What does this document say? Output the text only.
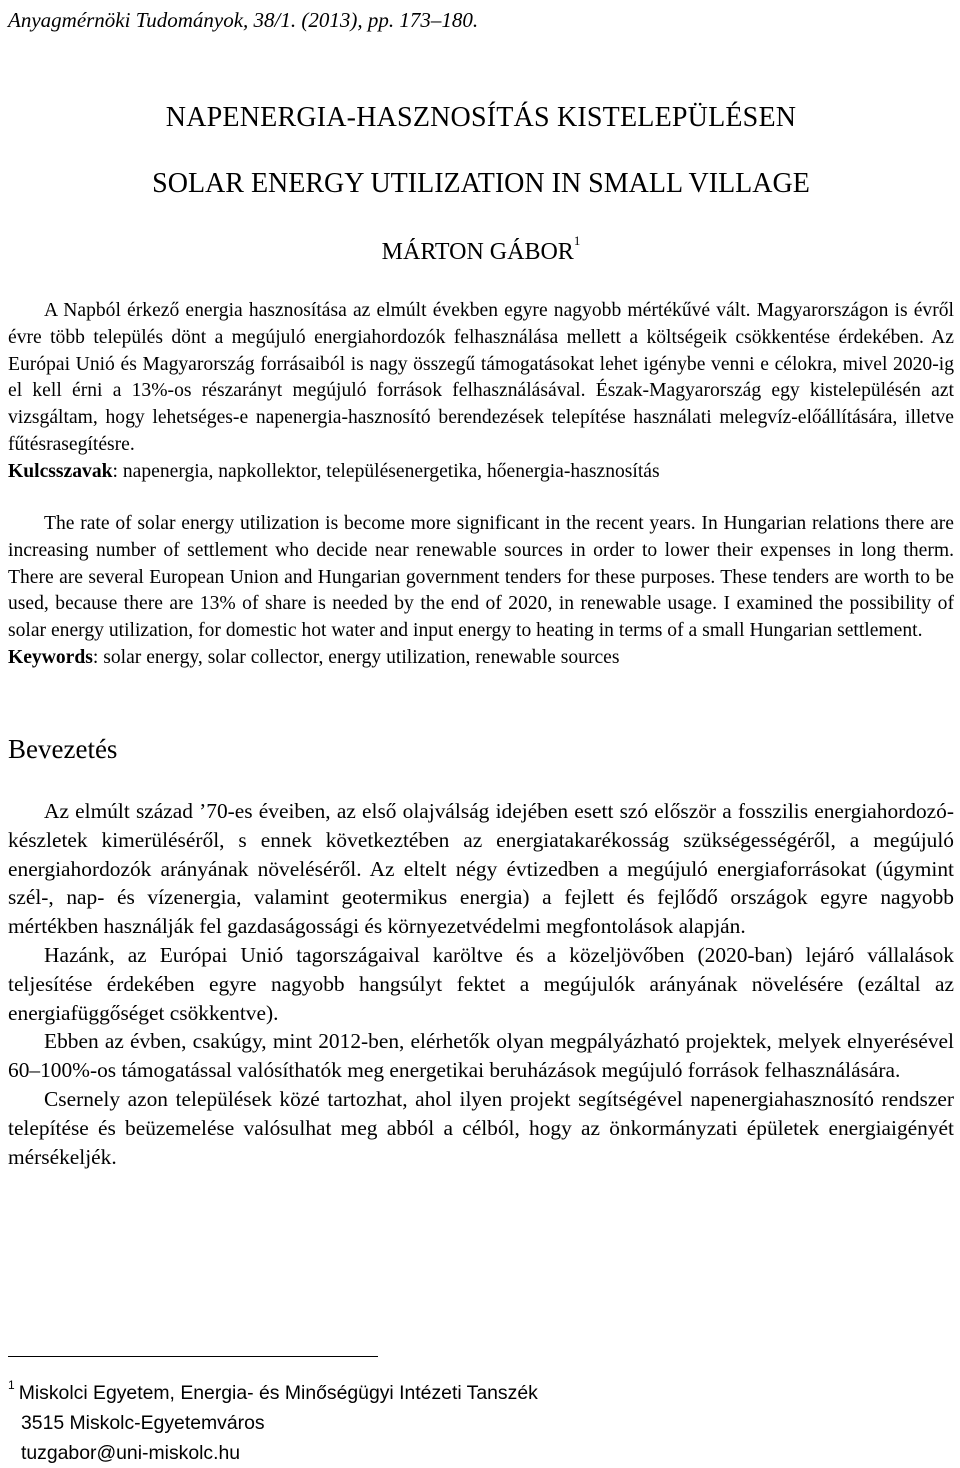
Anyagmérnöki Tudományok, 38/1. (2013), pp. 173–180.
NAPENERGIA-HASZNOSÍTÁS KISTELEPÜLÉSEN
SOLAR ENERGY UTILIZATION IN SMALL VILLAGE
MÁRTON GÁBOR$^1$

A Napból érkező energia hasznosítása az elmúlt években egyre nagyobb mértékűvé vált. Magyarországon is évről évre több település dönt a megújuló energiahordozók felhasználása mellett a költségeik csökkentése érdekében. Az Európai Unió és Magyarország forrásaiból is nagy összegű támogatásokat lehet igénybe venni e célokra, mivel 2020-ig el kell érni a 13%-os részarányt megújuló források felhasználásával. Észak-Magyarország egy kistelepülésén azt vizsgáltam, hogy lehetséges-e napenergia-hasznosító berendezések telepítése használati melegvíz-előállítására, illetve fűtésrasegítésre.

Kulcsszavak: napenergia, napkollektor, településenergetika, hőenergia-hasznosítás

The rate of solar energy utilization is become more significant in the recent years. In Hungarian relations there are increasing number of settlement who decide near renewable sources in order to lower their expenses in long therm. There are several European Union and Hungarian government tenders for these purposes. These tenders are worth to be used, because there are 13% of share is needed by the end of 2020, in renewable usage. I examined the possibility of solar energy utilization, for domestic hot water and input energy to heating in terms of a small Hungarian settlement.

Keywords: solar energy, solar collector, energy utilization, renewable sources

Bevezetés

Az elmúlt század ’70-es éveiben, az első olajválság idejében esett szó először a fosszilis energiahordozó-készletek kimerüléséről, s ennek következtében az energiatakarékosság szükségességéről, a megújuló energiahordozók arányának növeléséről. Az eltelt négy évtizedben a megújuló energiaforrásokat (úgymint szél-, nap- és vízenergia, valamint geotermikus energia) a fejlett és fejlődő országok egyre nagyobb mértékben használják fel gazdaságossági és környezetvédelmi megfontolások alapján.

Hazánk, az Európai Unió tagországaival karöltve és a közeljövőben (2020-ban) lejáró vállalások teljesítése érdekében egyre nagyobb hangsúlyt fektet a megújulók arányának növelésére (ezáltal az energiafüggőséget csökkentve).

Ebben az évben, csakúgy, mint 2012-ben, elérhetők olyan megpályázható projektek, melyek elnyerésével 60–100%-os támogatással valósíthatók meg energetikai beruházások megújuló források felhasználására.

Csernely azon települések közé tartozhat, ahol ilyen projekt segítségével napenergiahasznosító rendszer telepítése és beüzemelése valósulhat meg abból a célból, hogy az önkormányzati épületek energiaigényét mérsékeljék.

$^1$ Miskolci Egyetem, Energia- és Minőségügyi Intézeti Tanszék
3515 Miskolc-Egyetemváros
tuzgabor@uni-miskolc.hu
